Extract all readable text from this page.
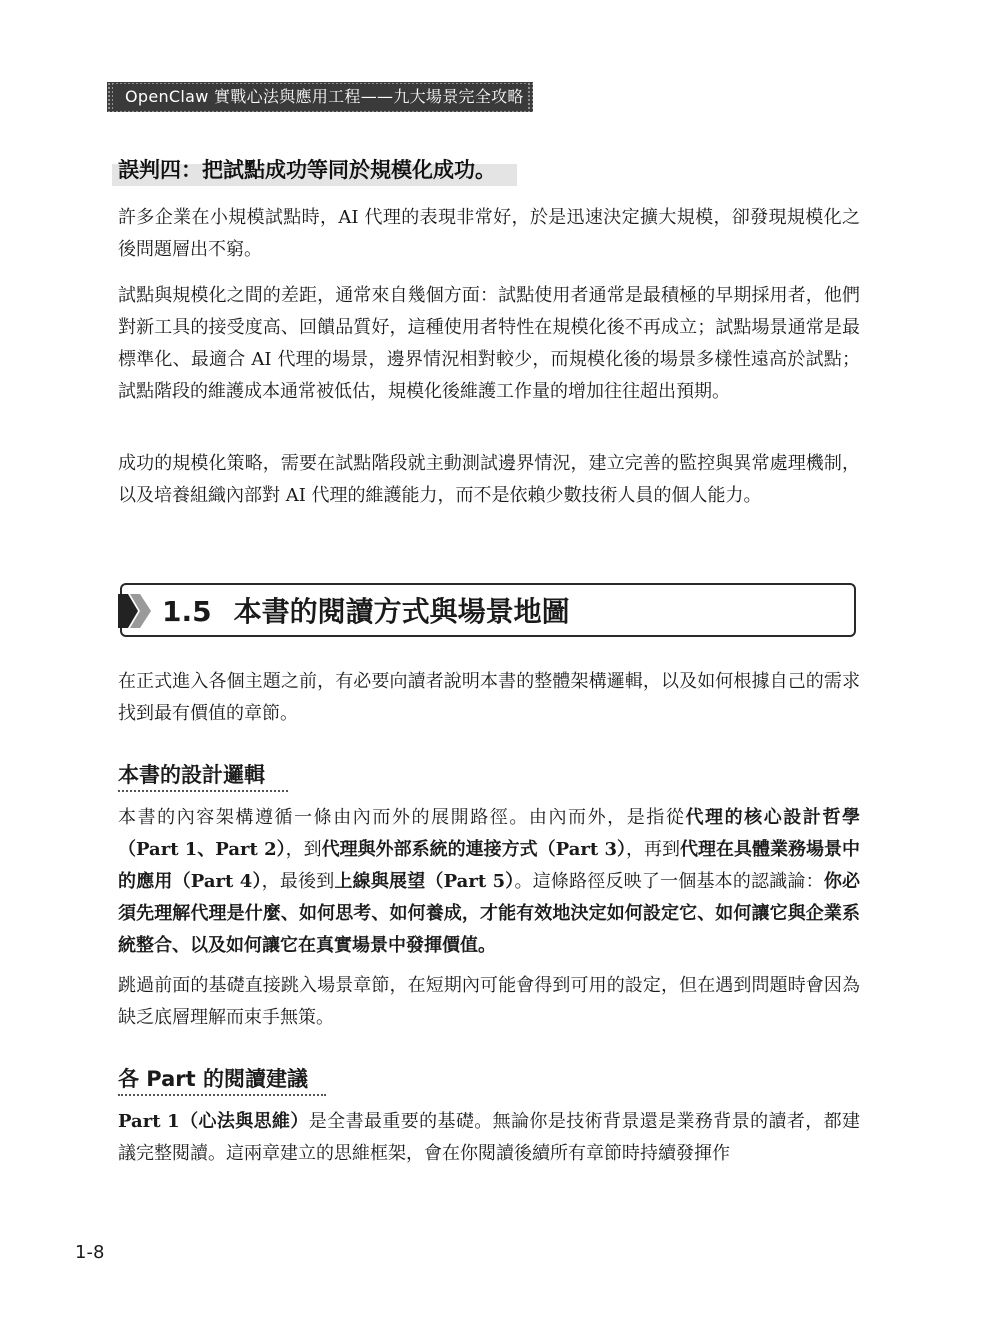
OpenClaw 實戰心法與應用工程——九大場景完全攻略
誤判四：把試點成功等同於規模化成功。
許多企業在小規模試點時，AI 代理的表現非常好，於是迅速決定擴大規模，卻發現規模化之後問題層出不窮。
試點與規模化之間的差距，通常來自幾個方面：試點使用者通常是最積極的早期採用者，他們對新工具的接受度高、回饋品質好，這種使用者特性在規模化後不再成立；試點場景通常是最標準化、最適合 AI 代理的場景，邊界情況相對較少，而規模化後的場景多樣性遠高於試點；試點階段的維護成本通常被低估，規模化後維護工作量的增加往往超出預期。
成功的規模化策略，需要在試點階段就主動測試邊界情況，建立完善的監控與異常處理機制，以及培養組織內部對 AI 代理的維護能力，而不是依賴少數技術人員的個人能力。
1.5 本書的閱讀方式與場景地圖
在正式進入各個主題之前，有必要向讀者說明本書的整體架構邏輯，以及如何根據自己的需求找到最有價值的章節。
本書的設計邏輯
本書的內容架構遵循一條由內而外的展開路徑。由內而外，是指從代理的核心設計哲學（Part 1、Part 2），到代理與外部系統的連接方式（Part 3），再到代理在具體業務場景中的應用（Part 4），最後到上線與展望（Part 5）。這條路徑反映了一個基本的認識論：你必須先理解代理是什麼、如何思考、如何養成，才能有效地決定如何設定它、如何讓它與企業系統整合、以及如何讓它在真實場景中發揮價值。
跳過前面的基礎直接跳入場景章節，在短期內可能會得到可用的設定，但在遇到問題時會因為缺乏底層理解而束手無策。
各 Part 的閱讀建議
Part 1（心法與思維）是全書最重要的基礎。無論你是技術背景還是業務背景的讀者，都建議完整閱讀。這兩章建立的思維框架，會在你閱讀後續所有章節時持續發揮作
1-8
